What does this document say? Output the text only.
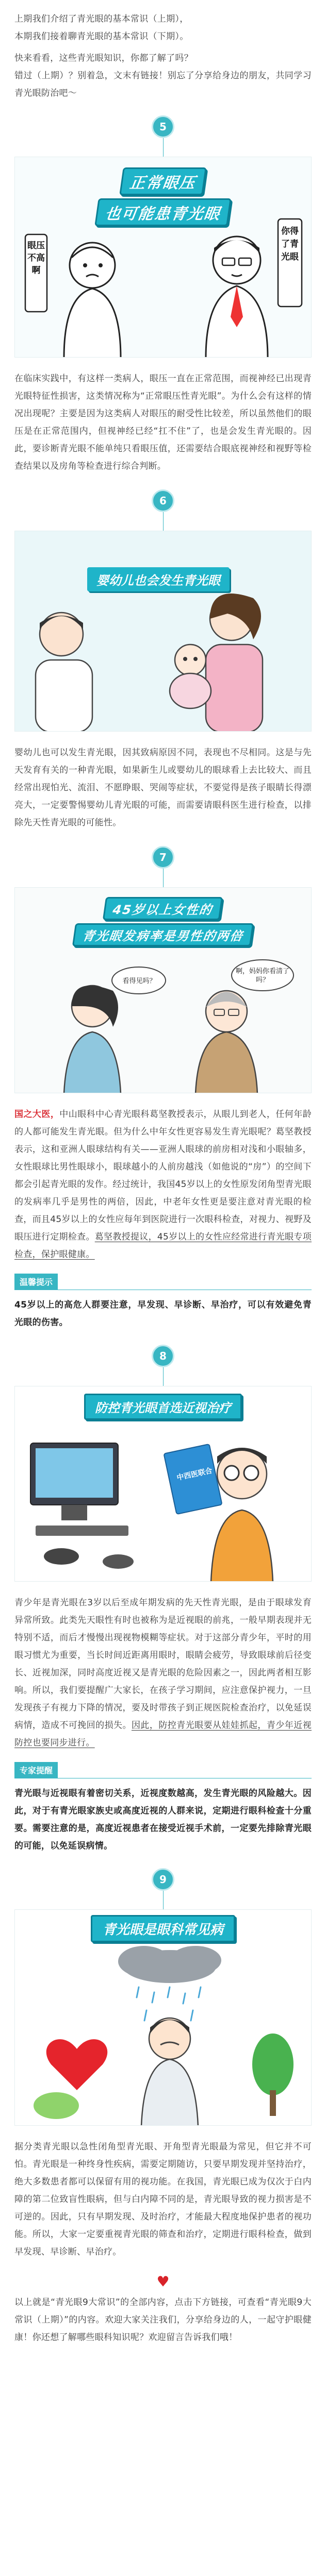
上期我们介绍了青光眼的基本常识（上期），

本期我们接着聊青光眼的基本常识（下期）。

快来看看，这些青光眼知识，你都了解了吗？

错过（上期）？别着急，文末有链接！别忘了分享给身边的朋友，共同学习青光眼防治吧～

5
正常眼压
也可能患青光眼
眼压不高啊
你得了青光眼

在临床实践中，有这样一类病人，眼压一直在正常范围，而视神经已出现青光眼特征性损害，这类情况称为“正常眼压性青光眼”。为什么会有这样的情况出现呢？主要是因为这类病人对眼压的耐受性比较差，所以虽然他们的眼压是在正常范围内，但视神经已经“扛不住”了，也是会发生青光眼的。因此，要诊断青光眼不能单纯只看眼压值，还需要结合眼底视神经和视野等检查结果以及房角等检查进行综合判断。

6
婴幼儿也会发生青光眼

婴幼儿也可以发生青光眼，因其致病原因不同，表现也不尽相同。这是与先天发育有关的一种青光眼，如果新生儿或婴幼儿的眼球看上去比较大、而且经常出现怕光、流泪、不愿睁眼、哭闹等症状，不要觉得是孩子眼睛长得漂亮大，一定要警惕婴幼儿青光眼的可能，而需要请眼科医生进行检查，以排除先天性青光眼的可能性。

7
45岁以上女性的
青光眼发病率是男性的两倍
看得见吗？
啊，妈妈你看清了吗？

国之大医，中山眼科中心青光眼科葛坚教授表示，从眼儿到老人，任何年龄的人都可能发生青光眼。但为什么中年女性更容易发生青光眼呢？葛坚教授表示，这和亚洲人眼球结构有关——亚洲人眼球的前房相对浅和小眼轴多，女性眼球比男性眼球小，眼球越小的人前房越浅（如他说的“房”）的空间下都会引起青光眼的发作。经过统计，我国45岁以上的女性原发闭角型青光眼的发病率几乎是男性的两倍，因此，中老年女性更是要注意对青光眼的检查，而且45岁以上的女性应每年到医院进行一次眼科检查，对视力、视野及眼压进行定期检查。葛坚教授提议，45岁以上的女性应经常进行青光眼专项检查，保护眼健康。

温馨提示

45岁以上的高危人群要注意，早发现、早诊断、早治疗，可以有效避免青光眼的伤害。

8
防控青光眼首选近视治疗
中西医联合

青少年是青光眼在3岁以后至成年期发病的先天性青光眼，是由于眼球发育异常所致。此类先天眼性有时也被称为是近视眼的前兆，一般早期表现并无特别不适，而后才慢慢出现视物模糊等症状。对于这部分青少年，平时的用眼习惯尤为重要，当长时间近距离用眼时，眼睛会疲劳，导致眼球前后径变长、近视加深，同时高度近视又是青光眼的危险因素之一，因此两者相互影响。所以，我们要提醒广大家长，在孩子学习期间，应注意保护视力，一旦发现孩子有视力下降的情况，要及时带孩子到正规医院检查治疗，以免延误病情，造成不可挽回的损失。因此，防控青光眼要从娃娃抓起，青少年近视防控也要同步进行。

专家提醒

青光眼与近视眼有着密切关系，近视度数越高，发生青光眼的风险越大。因此，对于有青光眼家族史或高度近视的人群来说，定期进行眼科检查十分重要。需要注意的是，高度近视患者在接受近视手术前，一定要先排除青光眼的可能，以免延误病情。

9
青光眼是眼科常见病

据分类青光眼以急性闭角型青光眼、开角型青光眼最为常见，但它并不可怕。青光眼是一种终身性疾病，需要定期随访，只要早期发现并坚持治疗，绝大多数患者都可以保留有用的视功能。在我国，青光眼已成为仅次于白内障的第二位致盲性眼病，但与白内障不同的是，青光眼导致的视力损害是不可逆的。因此，只有早期发现、及时治疗，才能最大程度地保护患者的视功能。所以，大家一定要重视青光眼的筛查和治疗，定期进行眼科检查，做到早发现、早诊断、早治疗。

♥

以上就是“青光眼9大常识”的全部内容，点击下方链接，可查看“青光眼9大常识（上期）”的内容。欢迎大家关注我们，分享给身边的人，一起守护眼健康！你还想了解哪些眼科知识呢？欢迎留言告诉我们哦！
